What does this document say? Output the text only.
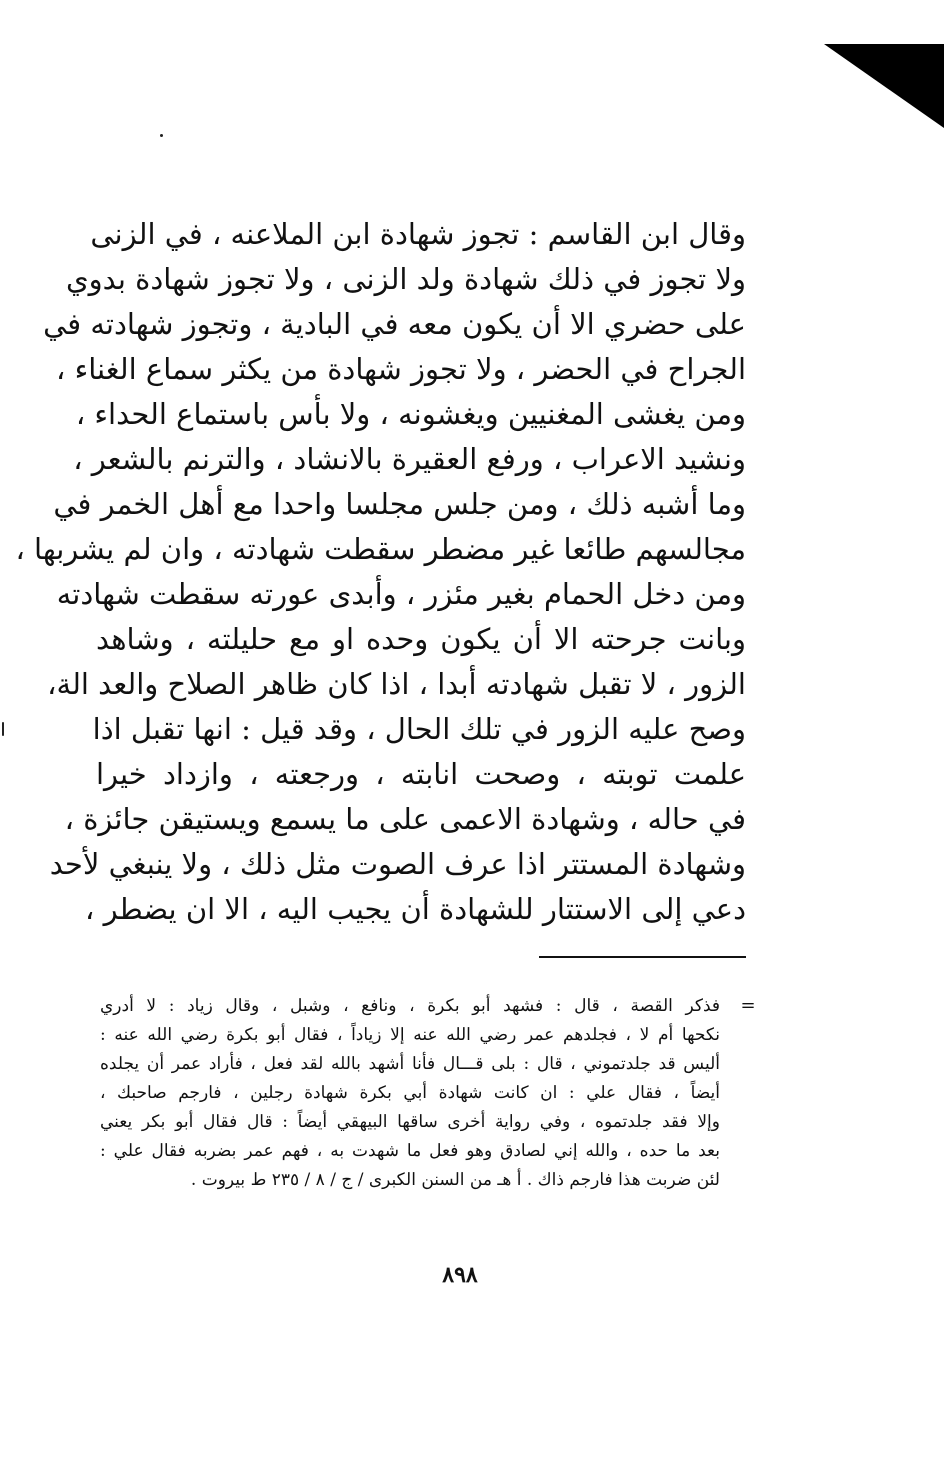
وقال ابن القاسم : تجوز شهادة ابن الملاعنه ، في الزنى
ولا تجوز في ذلك شهادة ولد الزنى ، ولا تجوز شهادة بدوي
على حضري الا أن يكون معه في البادية ، وتجوز شهادته في
الجراح في الحضر ، ولا تجوز شهادة من يكثر سماع الغناء ،
ومن يغشى المغنيين ويغشونه ، ولا بأس باستماع الحداء ،
ونشيد الاعراب ، ورفع العقيرة بالانشاد ، والترنم بالشعر ،
وما أشبه ذلك ، ومن جلس مجلسا واحدا مع أهل الخمر في
مجالسهم طائعا غير مضطر سقطت شهادته ، وان لم يشربها ،
ومن دخل الحمام بغير مئزر ، وأبدى عورته سقطت شهادته
وبانت جرحته الا أن يكون وحده او مع حليلته ، وشاهد
الزور ، لا تقبل شهادته أبدا ، اذا كان ظاهر الصلاح والعد الة،
وصح عليه الزور في تلك الحال ، وقد قيل : انها تقبل اذا
علمت توبته ، وصحت انابته ، ورجعته ، وازداد خيرا
في حاله ، وشهادة الاعمى على ما يسمع ويستيقن جائزة ،
وشهادة المستتر اذا عرف الصوت مثل ذلك ، ولا ينبغي لأحد
دعي إلى الاستتار للشهادة أن يجيب اليه ، الا ان يضطر ،
=
فذكر القصة ، قال : فشهد أبو بكرة ، ونافع ، وشبل ، وقال زياد : لا أدري
نكحها أم لا ، فجلدهم عمر رضي الله عنه إلا زياداً ، فقال أبو بكرة رضي الله عنه :
أليس قد جلدتموني ، قال : بلى قـــال فأنا أشهد بالله لقد فعل ، فأراد عمر أن يجلده
أيضاً ، فقال علي : ان كانت شهادة أبي بكرة شهادة رجلين ، فارجم صاحبك ،
وإلا فقد جلدتموه ، وفي رواية أخرى ساقها البيهقي أيضاً : قال فقال أبو بكر يعني
بعد ما حده ، والله إني لصادق وهو فعل ما شهدت به ، فهم عمر بضربه فقال علي :
لئن ضربت هذا فارجم ذاك . أ هـ من السنن الكبرى / ج / ٨ / ٢٣٥ ط بيروت .
٨٩٨
